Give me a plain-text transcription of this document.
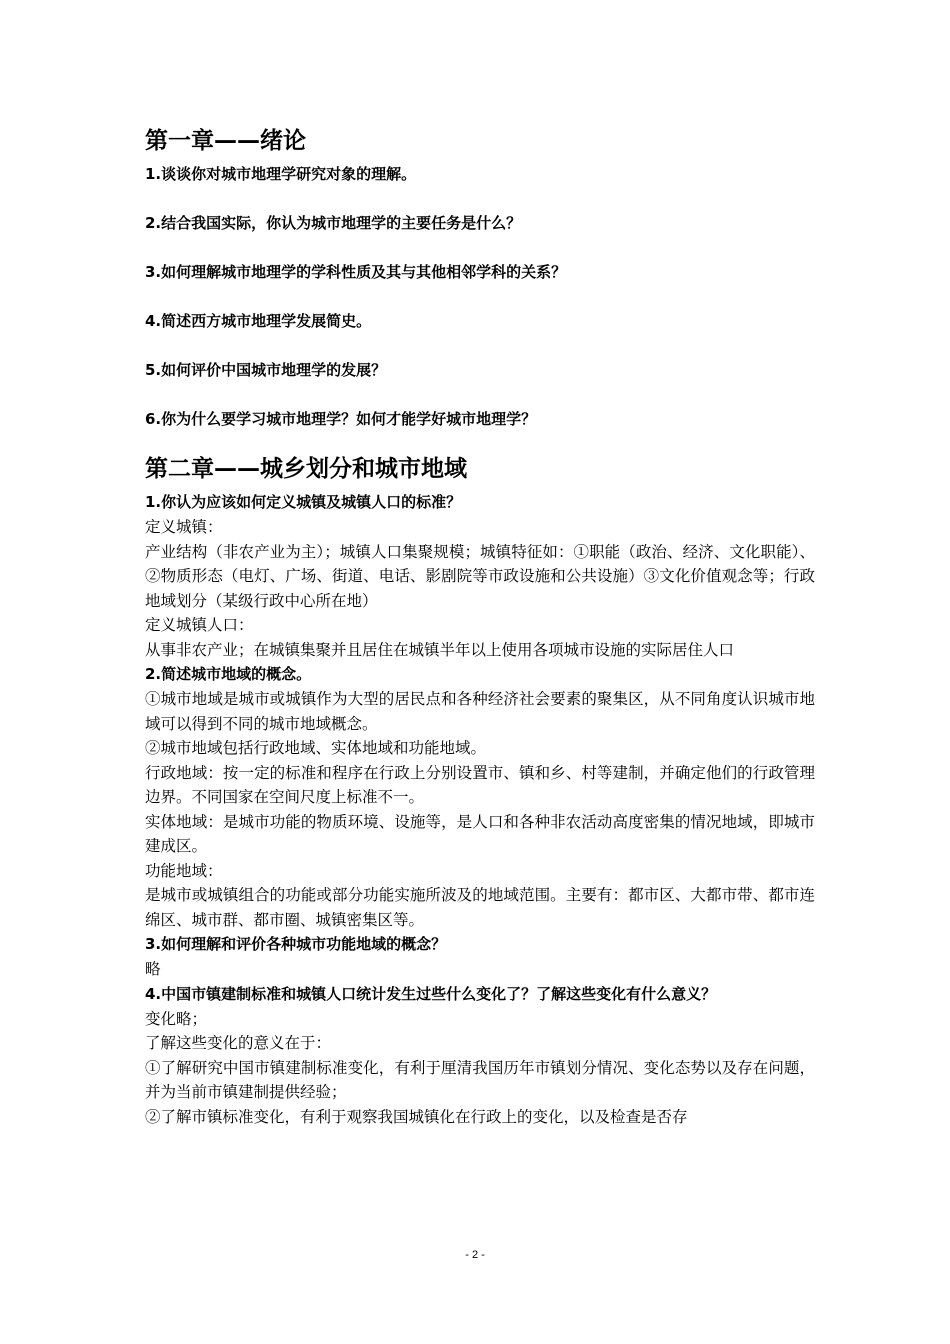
第一章——绪论

1.谈谈你对城市地理学研究对象的理解。

2.结合我国实际，你认为城市地理学的主要任务是什么？

3.如何理解城市地理学的学科性质及其与其他相邻学科的关系？

4.简述西方城市地理学发展简史。

5.如何评价中国城市地理学的发展？

6.你为什么要学习城市地理学？如何才能学好城市地理学？

第二章——城乡划分和城市地域

1.你认为应该如何定义城镇及城镇人口的标准？

定义城镇：

产业结构（非农产业为主）；城镇人口集聚规模；城镇特征如：①职能（政治、经济、文化职能）、②物质形态（电灯、广场、街道、电话、影剧院等市政设施和公共设施）③文化价值观念等；行政地域划分（某级行政中心所在地）

定义城镇人口：

从事非农产业；在城镇集聚并且居住在城镇半年以上使用各项城市设施的实际居住人口

2.简述城市地域的概念。

①城市地域是城市或城镇作为大型的居民点和各种经济社会要素的聚集区，从不同角度认识城市地域可以得到不同的城市地域概念。

②城市地域包括行政地域、实体地域和功能地域。

行政地域：按一定的标准和程序在行政上分别设置市、镇和乡、村等建制，并确定他们的行政管理边界。不同国家在空间尺度上标准不一。

实体地域：是城市功能的物质环境、设施等，是人口和各种非农活动高度密集的情况地域，即城市建成区。

功能地域：

是城市或城镇组合的功能或部分功能实施所波及的地域范围。主要有：都市区、大都市带、都市连绵区、城市群、都市圈、城镇密集区等。

3.如何理解和评价各种城市功能地域的概念？

略

4.中国市镇建制标准和城镇人口统计发生过些什么变化了？了解这些变化有什么意义？

变化略；

了解这些变化的意义在于：

①了解研究中国市镇建制标准变化，有利于厘清我国历年市镇划分情况、变化态势以及存在问题，并为当前市镇建制提供经验；

②了解市镇标准变化，有利于观察我国城镇化在行政上的变化，以及检查是否存

- 2 -
